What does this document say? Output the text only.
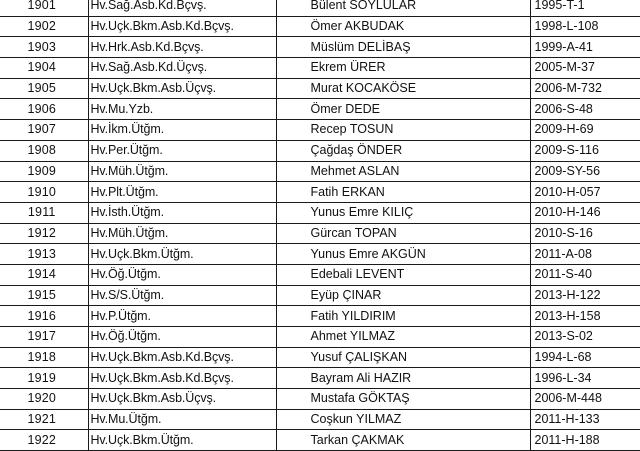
1901	Hv.Sağ.Asb.Kd.Bçvş.	Bülent SOYLULAR	1995-T-1
1902	Hv.Uçk.Bkm.Asb.Kd.Bçvş.	Ömer AKBUDAK	1998-L-108
1903	Hv.Hrk.Asb.Kd.Bçvş.	Müslüm DELİBAŞ	1999-A-41
1904	Hv.Sağ.Asb.Kd.Üçvş.	Ekrem ÜRER	2005-M-37
1905	Hv.Uçk.Bkm.Asb.Üçvş.	Murat KOCAKÖSE	2006-M-732
1906	Hv.Mu.Yzb.	Ömer DEDE	2006-S-48
1907	Hv.İkm.Ütğm.	Recep TOSUN	2009-H-69
1908	Hv.Per.Ütğm.	Çağdaş ÖNDER	2009-S-116
1909	Hv.Müh.Ütğm.	Mehmet ASLAN	2009-SY-56
1910	Hv.Plt.Ütğm.	Fatih ERKAN	2010-H-057
1911	Hv.İsth.Ütğm.	Yunus Emre KILIÇ	2010-H-146
1912	Hv.Müh.Ütğm.	Gürcan TOPAN	2010-S-16
1913	Hv.Uçk.Bkm.Ütğm.	Yunus Emre AKGÜN	2011-A-08
1914	Hv.Öğ.Ütğm.	Edebali LEVENT	2011-S-40
1915	Hv.S/S.Ütğm.	Eyüp ÇINAR	2013-H-122
1916	Hv.P.Ütğm.	Fatih YILDIRIM	2013-H-158
1917	Hv.Öğ.Ütğm.	Ahmet YILMAZ	2013-S-02
1918	Hv.Uçk.Bkm.Asb.Kd.Bçvş.	Yusuf ÇALIŞKAN	1994-L-68
1919	Hv.Uçk.Bkm.Asb.Kd.Bçvş.	Bayram Ali HAZIR	1996-L-34
1920	Hv.Uçk.Bkm.Asb.Üçvş.	Mustafa GÖKTAŞ	2006-M-448
1921	Hv.Mu.Ütğm.	Coşkun YILMAZ	2011-H-133
1922	Hv.Uçk.Bkm.Ütğm.	Tarkan ÇAKMAK	2011-H-188
